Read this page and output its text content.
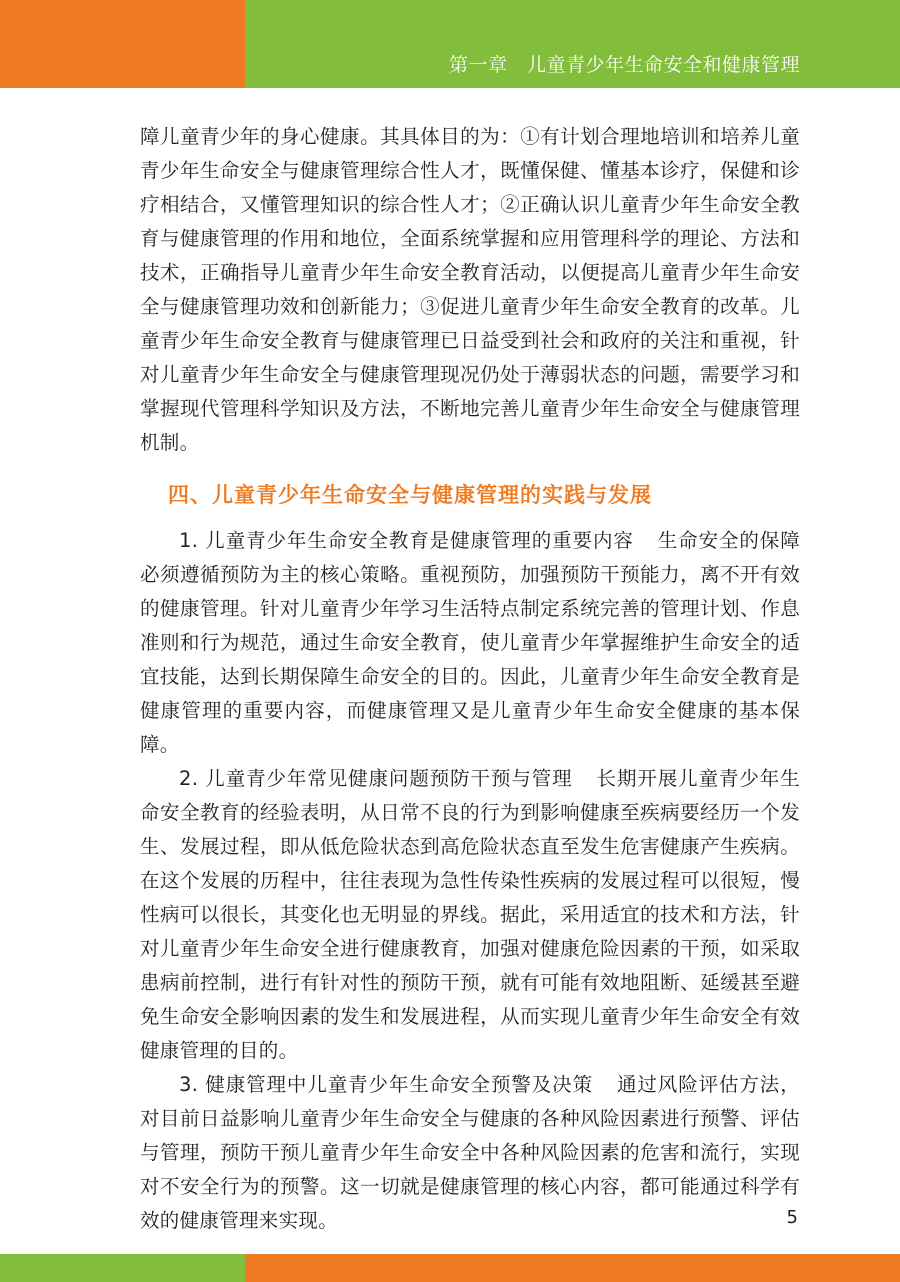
第一章　儿童青少年生命安全和健康管理

障儿童青少年的身心健康。其具体目的为：①有计划合理地培训和培养儿童青少年生命安全与健康管理综合性人才，既懂保健、懂基本诊疗，保健和诊疗相结合，又懂管理知识的综合性人才；②正确认识儿童青少年生命安全教育与健康管理的作用和地位，全面系统掌握和应用管理科学的理论、方法和技术，正确指导儿童青少年生命安全教育活动，以便提高儿童青少年生命安全与健康管理功效和创新能力；③促进儿童青少年生命安全教育的改革。儿童青少年生命安全教育与健康管理已日益受到社会和政府的关注和重视，针对儿童青少年生命安全与健康管理现况仍处于薄弱状态的问题，需要学习和掌握现代管理科学知识及方法，不断地完善儿童青少年生命安全与健康管理机制。

四、儿童青少年生命安全与健康管理的实践与发展

1. 儿童青少年生命安全教育是健康管理的重要内容 生命安全的保障必须遵循预防为主的核心策略。重视预防，加强预防干预能力，离不开有效的健康管理。针对儿童青少年学习生活特点制定系统完善的管理计划、作息准则和行为规范，通过生命安全教育，使儿童青少年掌握维护生命安全的适宜技能，达到长期保障生命安全的目的。因此，儿童青少年生命安全教育是健康管理的重要内容，而健康管理又是儿童青少年生命安全健康的基本保障。

2. 儿童青少年常见健康问题预防干预与管理 长期开展儿童青少年生命安全教育的经验表明，从日常不良的行为到影响健康至疾病要经历一个发生、发展过程，即从低危险状态到高危险状态直至发生危害健康产生疾病。在这个发展的历程中，往往表现为急性传染性疾病的发展过程可以很短，慢性病可以很长，其变化也无明显的界线。据此，采用适宜的技术和方法，针对儿童青少年生命安全进行健康教育，加强对健康危险因素的干预，如采取患病前控制，进行有针对性的预防干预，就有可能有效地阻断、延缓甚至避免生命安全影响因素的发生和发展进程，从而实现儿童青少年生命安全有效健康管理的目的。

3. 健康管理中儿童青少年生命安全预警及决策 通过风险评估方法，对目前日益影响儿童青少年生命安全与健康的各种风险因素进行预警、评估与管理，预防干预儿童青少年生命安全中各种风险因素的危害和流行，实现对不安全行为的预警。这一切就是健康管理的核心内容，都可能通过科学有效的健康管理来实现。	5
